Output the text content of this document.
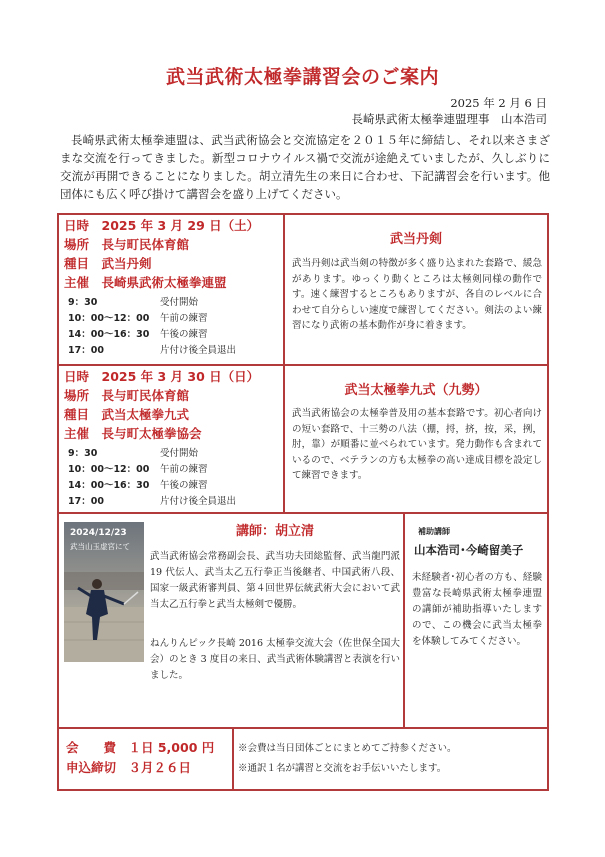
武当武術太極拳講習会のご案内
2025 年 2 月 6 日
長崎県武術太極拳連盟理事　山本浩司

長崎県武術太極拳連盟は、武当武術協会と交流協定を２０１５年に締結し、それ以来さまざまな交流を行ってきました。新型コロナウイルス禍で交流が途絶えていましたが、久しぶりに交流が再開できることになりました。胡立清先生の来日に合わせ、下記講習会を行います。他団体にも広く呼び掛けて講習会を盛り上げてください。

日時　2025 年 3 月 29 日（土）
場所　長与町民体育館
種目　武当丹剣
主催　長崎県武術太極拳連盟
9：30	受付開始
10：00～12：00	午前の練習
14：00～16：30	午後の練習
17：00	片付け後全員退出
武当丹剣

武当丹剣は武当剣の特徴が多く盛り込まれた套路で、緩急があります。ゆっくり動くところは太極剣同様の動作です。速く練習するところもありますが、各自のレベルに合わせて自分らしい速度で練習してください。剣法のよい練習になり武術の基本動作が身に着きます。

日時　2025 年 3 月 30 日（日）
場所　長与町民体育館
種目　武当太極拳九式
主催　長与町太極拳協会
9：30	受付開始
10：00～12：00	午前の練習
14：00～16：30	午後の練習
17：00	片付け後全員退出
武当太極拳九式（九勢）

武当武術協会の太極拳普及用の基本套路です。初心者向けの短い套路で、十三勢の八法（掤，捋，挤，按，采，挒，肘，靠）が順番に並べられています。発力動作も含まれているので、ベテランの方も太極拳の高い達成目標を設定して練習できます。

2024/12/23
武当山玉虚宮にて
講師：胡立清

武当武術協会常務副会長、武当功夫団総監督、武当龍門派 19 代伝人、武当太乙五行拳正当後継者、中国武術八段、国家一級武術審判員、第４回世界伝統武術大会において武当太乙五行拳と武当太極剣で優勝。

ねんりんピック長崎 2016 太極拳交流大会（佐世保全国大会）のとき 3 度目の来日、武当武術体験講習と表演を行いました。

補助講師
山本浩司･今崎留美子

未経験者･初心者の方も、経験豊富な長崎県武術太極拳連盟の講師が補助指導いたしますので、この機会に武当太極拳を体験してみてください。

会　　費　１日 5,000 円
申込締切　３月２６日
※会費は当日団体ごとにまとめてご持参ください。
※通訳１名が講習と交流をお手伝いいたします。
